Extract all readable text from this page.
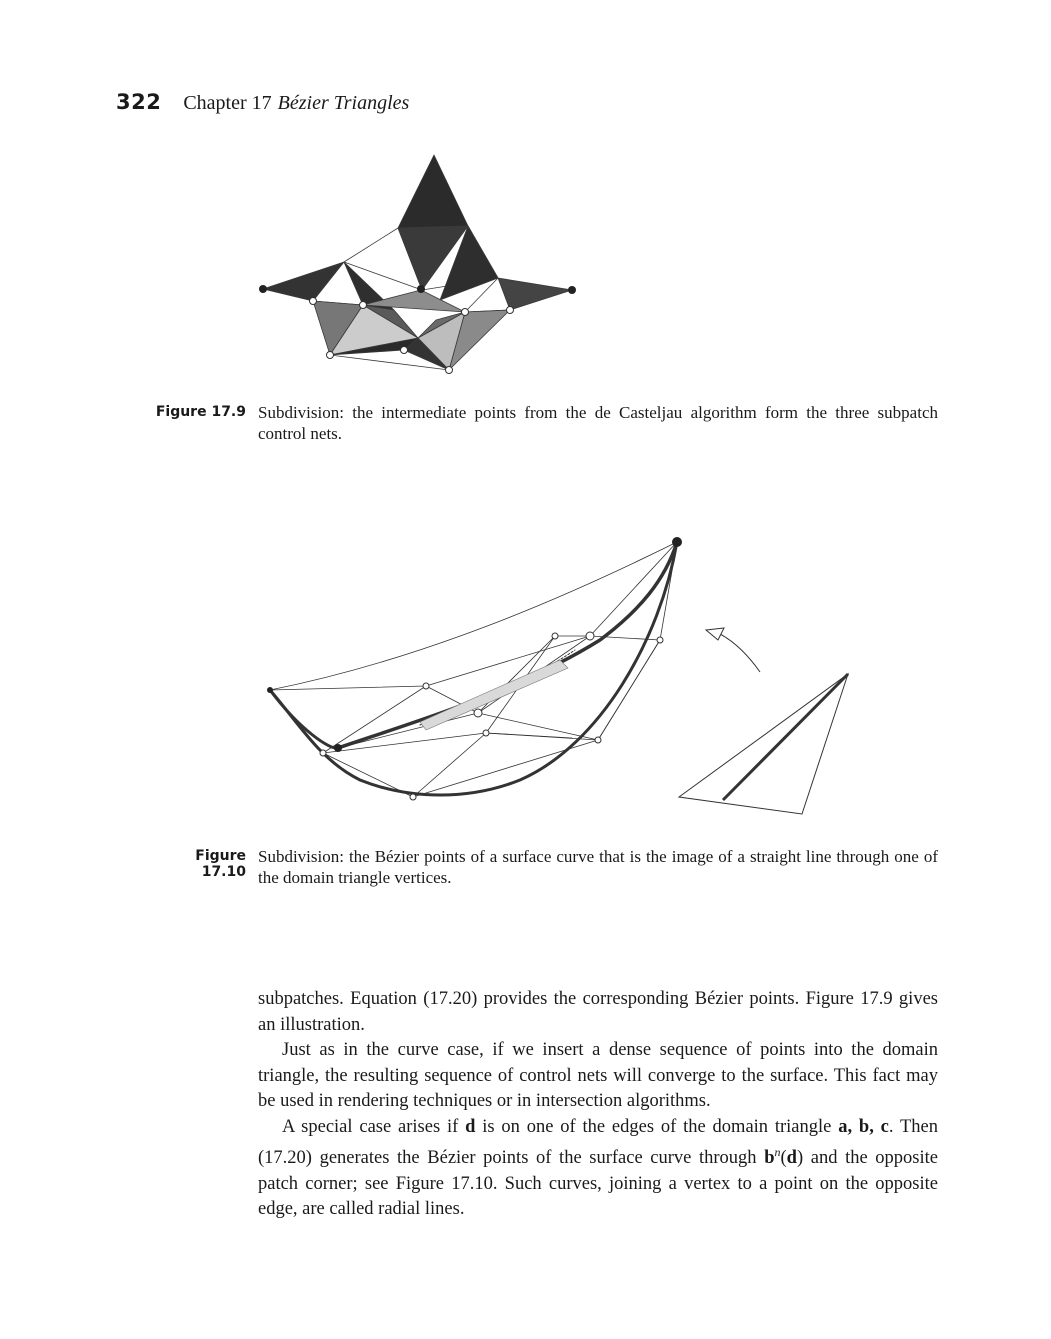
322 Chapter 17 Bézier Triangles
Figure 17.9 Subdivision: the intermediate points from the de Casteljau algorithm form the three subpatch control nets.
Figure 17.10
Subdivision: the Bézier points of a surface curve that is the image of a straight line through one of the domain triangle vertices.

subpatches. Equation (17.20) provides the corresponding Bézier points. Figure 17.9 gives an illustration.

Just as in the curve case, if we insert a dense sequence of points into the domain triangle, the resulting sequence of control nets will converge to the surface. This fact may be used in rendering techniques or in intersection algorithms.

A special case arises if d is on one of the edges of the domain triangle a, b, c. Then (17.20) generates the Bézier points of the surface curve through $b^n(d)$ and the opposite patch corner; see Figure 17.10. Such curves, joining a vertex to a point on the opposite edge, are called radial lines.
